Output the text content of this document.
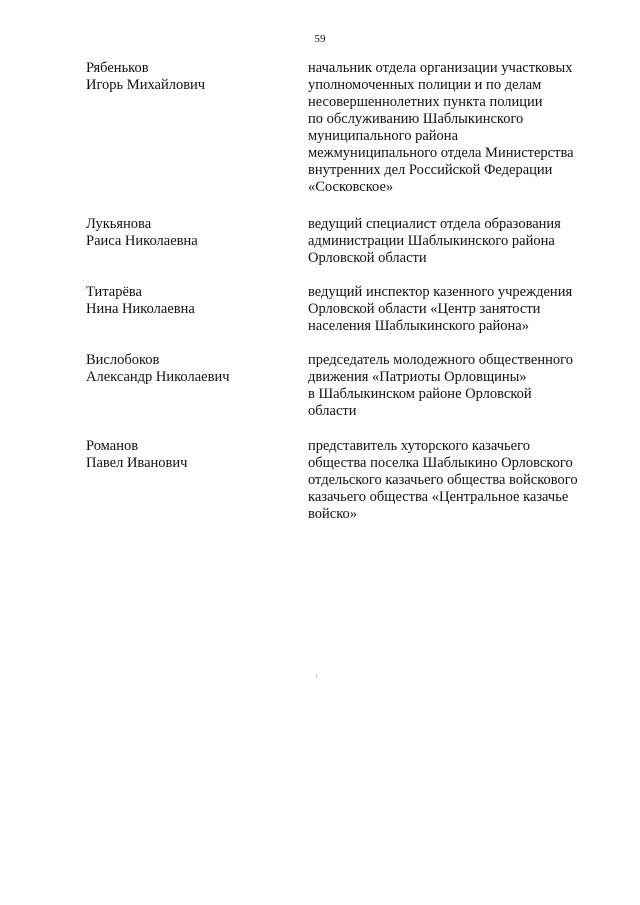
59
Рябеньков
Игорь Михайлович
начальник отдела организации участковых
уполномоченных полиции и по делам
несовершеннолетних пункта полиции
по обслуживанию Шаблыкинского
муниципального района
межмуниципального отдела Министерства
внутренних дел Российской Федерации
«Сосковское»
Лукьянова
Раиса Николаевна
ведущий специалист отдела образования
администрации Шаблыкинского района
Орловской области
Титарёва
Нина Николаевна
ведущий инспектор казенного учреждения
Орловской области «Центр занятости
населения Шаблыкинского района»
Вислобоков
Александр Николаевич
председатель молодежного общественного
движения «Патриоты Орловщины»
в Шаблыкинском районе Орловской
области
Романов
Павел Иванович
представитель хуторского казачьего
общества поселка Шаблыкино Орловского
отдельского казачьего общества войскового
казачьего общества «Центральное казачье
войско»
